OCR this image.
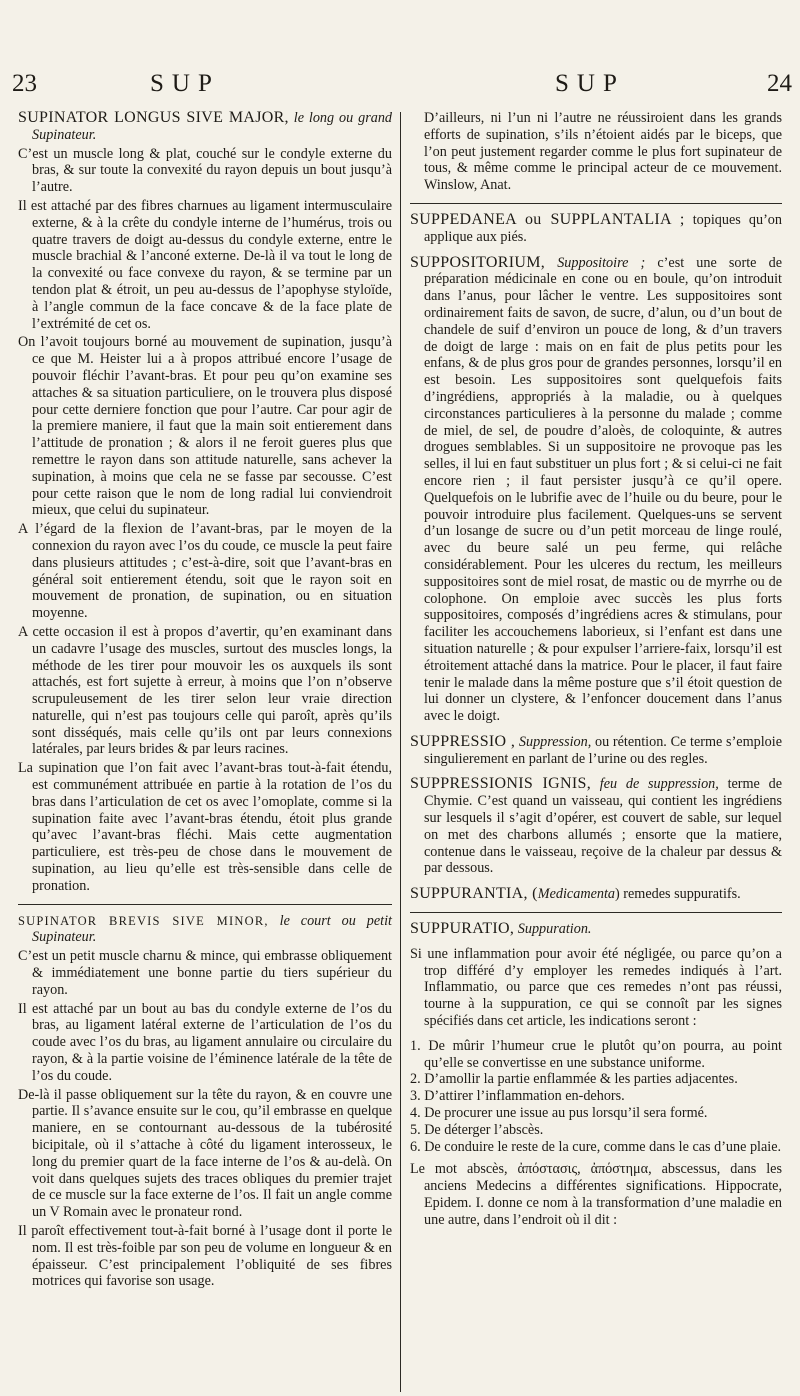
23	SUP	SUP	24

SUPINATOR LONGUS SIVE MAJOR, le long ou grand Supinateur.

C’est un muscle long & plat, couché sur le condyle externe du bras, & sur toute la convexité du rayon depuis un bout jusqu’à l’autre.

Il est attaché par des fibres charnues au ligament intermusculaire externe, & à la crête du condyle interne de l’humérus, trois ou quatre travers de doigt au-dessus du condyle externe, entre le muscle brachial & l’anconé externe. De-là il va tout le long de la convexité ou face convexe du rayon, & se termine par un tendon plat & étroit, un peu au-dessus de l’apophyse styloïde, à l’angle commun de la face concave & de la face plate de l’extrémité de cet os.

On l’avoit toujours borné au mouvement de supination, jusqu’à ce que M. Heister lui a à propos attribué encore l’usage de pouvoir fléchir l’avant-bras. Et pour peu qu’on examine ses attaches & sa situation particuliere, on le trouvera plus disposé pour cette derniere fonction que pour l’autre. Car pour agir de la premiere maniere, il faut que la main soit entierement dans l’attitude de pronation ; & alors il ne feroit gueres plus que remettre le rayon dans son attitude naturelle, sans achever la supination, à moins que cela ne se fasse par secousse. C’est pour cette raison que le nom de long radial lui conviendroit mieux, que celui du supinateur.

A l’égard de la flexion de l’avant-bras, par le moyen de la connexion du rayon avec l’os du coude, ce muscle la peut faire dans plusieurs attitudes ; c’est-à-dire, soit que l’avant-bras en général soit entierement étendu, soit que le rayon soit en mouvement de pronation, de supination, ou en situation moyenne.

A cette occasion il est à propos d’avertir, qu’en examinant dans un cadavre l’usage des muscles, surtout des muscles longs, la méthode de les tirer pour mouvoir les os auxquels ils sont attachés, est fort sujette à erreur, à moins que l’on n’observe scrupuleusement de les tirer selon leur vraie direction naturelle, qui n’est pas toujours celle qui paroît, après qu’ils sont disséqués, mais celle qu’ils ont par leurs connexions latérales, par leurs brides & par leurs racines.

La supination que l’on fait avec l’avant-bras tout-à-fait étendu, est communément attribuée en partie à la rotation de l’os du bras dans l’articulation de cet os avec l’omoplate, comme si la supination faite avec l’avant-bras étendu, étoit plus grande qu’avec l’avant-bras fléchi. Mais cette augmentation particuliere, est très-peu de chose dans le mouvement de supination, au lieu qu’elle est très-sensible dans celle de pronation.

SUPINATOR BREVIS SIVE MINOR, le court ou petit Supinateur.

C’est un petit muscle charnu & mince, qui embrasse obliquement & immédiatement une bonne partie du tiers supérieur du rayon.

Il est attaché par un bout au bas du condyle externe de l’os du bras, au ligament latéral externe de l’articulation de l’os du coude avec l’os du bras, au ligament annulaire ou circulaire du rayon, & à la partie voisine de l’éminence latérale de la tête de l’os du coude.

De-là il passe obliquement sur la tête du rayon, & en couvre une partie. Il s’avance ensuite sur le cou, qu’il embrasse en quelque maniere, en se contournant au-dessous de la tubérosité bicipitale, où il s’attache à côté du ligament interosseux, le long du premier quart de la face interne de l’os & au-delà. On voit dans quelques sujets des traces obliques du premier trajet de ce muscle sur la face externe de l’os. Il fait un angle comme un V Romain avec le pronateur rond.

Il paroît effectivement tout-à-fait borné à l’usage dont il porte le nom. Il est très-foible par son peu de volume en longueur & en épaisseur. C’est principalement l’obliquité de ses fibres motrices qui favorise son usage.

D’ailleurs, ni l’un ni l’autre ne réussiroient dans les grands efforts de supination, s’ils n’étoient aidés par le biceps, que l’on peut justement regarder comme le plus fort supinateur de tous, & même comme le principal acteur de ce mouvement. Winslow, Anat.

SUPPEDANEA ou SUPPLANTALIA ; topiques qu’on applique aux piés.

SUPPOSITORIUM, Suppositoire ; c’est une sorte de préparation médicinale en cone ou en boule, qu’on introduit dans l’anus, pour lâcher le ventre. Les suppositoires sont ordinairement faits de savon, de sucre, d’alun, ou d’un bout de chandele de suif d’environ un pouce de long, & d’un travers de doigt de large : mais on en fait de plus petits pour les enfans, & de plus gros pour de grandes personnes, lorsqu’il en est besoin. Les suppositoires sont quelquefois faits d’ingrédiens, appropriés à la maladie, ou à quelques circonstances particulieres à la personne du malade ; comme de miel, de sel, de poudre d’aloès, de coloquinte, & autres drogues semblables. Si un suppositoire ne provoque pas les selles, il lui en faut substituer un plus fort ; & si celui-ci ne fait encore rien ; il faut persister jusqu’à ce qu’il opere. Quelquefois on le lubrifie avec de l’huile ou du beure, pour le pouvoir introduire plus facilement. Quelques-uns se servent d’un losange de sucre ou d’un petit morceau de linge roulé, avec du beure salé un peu ferme, qui relâche considérablement. Pour les ulceres du rectum, les meilleurs suppositoires sont de miel rosat, de mastic ou de myrrhe ou de colophone. On emploie avec succès les plus forts suppositoires, composés d’ingrédiens acres & stimulans, pour faciliter les accouchemens laborieux, si l’enfant est dans une situation naturelle ; & pour expulser l’arriere-faix, lorsqu’il est étroitement attaché dans la matrice. Pour le placer, il faut faire tenir le malade dans la même posture que s’il étoit question de lui donner un clystere, & l’enfoncer doucement dans l’anus avec le doigt.

SUPPRESSIO , Suppression, ou rétention. Ce terme s’emploie singulierement en parlant de l’urine ou des regles.

SUPPRESSIONIS IGNIS, feu de suppression, terme de Chymie. C’est quand un vaisseau, qui contient les ingrédiens sur lesquels il s’agit d’opérer, est couvert de sable, sur lequel on met des charbons allumés ; ensorte que la matiere, contenue dans le vaisseau, reçoive de la chaleur par dessus & par dessous.

SUPPURANTIA, (Medicamenta) remedes suppuratifs.

SUPPURATIO, Suppuration.

Si une inflammation pour avoir été négligée, ou parce qu’on a trop différé d’y employer les remedes indiqués à l’art. Inflammatio, ou parce que ces remedes n’ont pas réussi, tourne à la suppuration, ce qui se connoît par les signes spécifiés dans cet article, les indications seront :

1. De mûrir l’humeur crue le plutôt qu’on pourra, au point qu’elle se convertisse en une substance uniforme.

2. D’amollir la partie enflammée & les parties adjacentes.

3. D’attirer l’inflammation en-dehors.

4. De procurer une issue au pus lorsqu’il sera formé.

5. De déterger l’abscès.

6. De conduire le reste de la cure, comme dans le cas d’une plaie.

Le mot abscès, ἀπόστασις, ἀπόστημα, abscessus, dans les anciens Medecins a différentes significations. Hippocrate, Epidem. I. donne ce nom à la transformation d’une maladie en une autre, dans l’endroit où il dit :
